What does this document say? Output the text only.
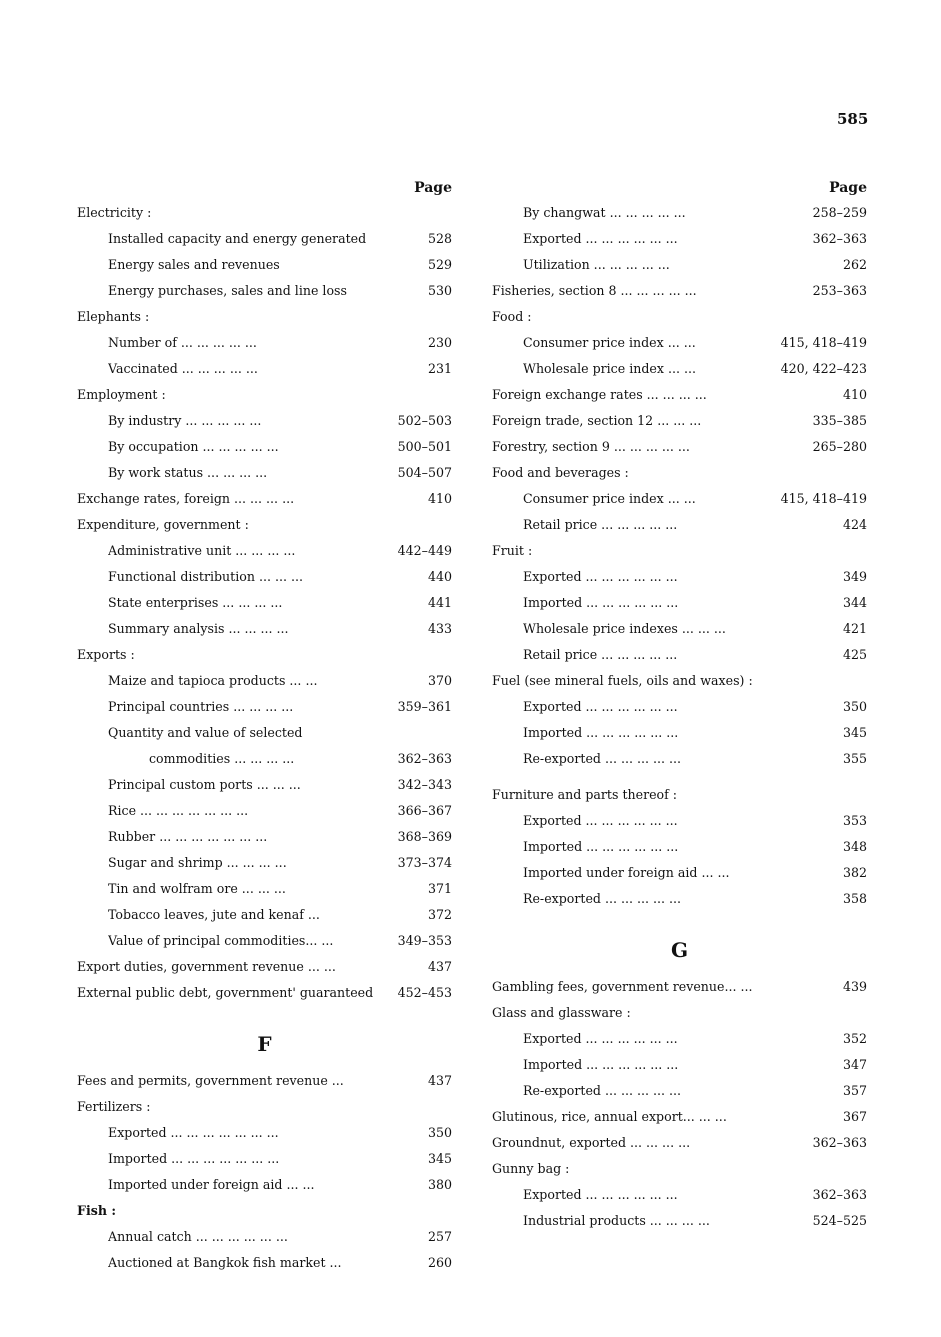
585
Page
Electricity :
Installed capacity and energy generated	528
Energy sales and revenues	529
Energy purchases, sales and line loss	530
Elephants :
Number of ... ... ... ... ...	230
Vaccinated ... ... ... ... ...	231
Employment :
By industry ... ... ... ... ...	502–503
By occupation ... ... ... ... ...	500–501
By work status ... ... ... ...	504–507
Exchange rates, foreign ... ... ... ...	410
Expenditure, government :
Administrative unit ... ... ... ...	442–449
Functional distribution ... ... ...	440
State enterprises ... ... ... ...	441
Summary analysis ... ... ... ...	433
Exports :
Maize and tapioca products ... ...	370
Principal countries ... ... ... ...	359–361
Quantity and value of selected
commodities ... ... ... ...	362–363
Principal custom ports ... ... ...	342–343
Rice ... ... ... ... ... ... ...	366–367
Rubber ... ... ... ... ... ... ...	368–369
Sugar and shrimp ... ... ... ...	373–374
Tin and wolfram ore ... ... ...	371
Tobacco leaves, jute and kenaf ...	372
Value of principal commodities... ...	349–353
Export duties, government revenue ... ...	437
External public debt, government' guaranteed	452–453
F
Fees and permits, government revenue ...	437
Fertilizers :
Exported ... ... ... ... ... ... ...	350
Imported ... ... ... ... ... ... ...	345
Imported under foreign aid ... ...	380
Fish :
Annual catch ... ... ... ... ... ...	257
Auctioned at Bangkok fish market ...	260
Page
By changwat ... ... ... ... ...	258–259
Exported ... ... ... ... ... ...	362–363
Utilization ... ... ... ... ...	262
Fisheries, section 8 ... ... ... ... ...	253–363
Food :
Consumer price index ... ...	415, 418–419
Wholesale price index ... ...	420, 422–423
Foreign exchange rates ... ... ... ...	410
Foreign trade, section 12 ... ... ...	335–385
Forestry, section 9 ... ... ... ... ...	265–280
Food and beverages :
Consumer price index ... ...	415, 418–419
Retail price ... ... ... ... ...	424
Fruit :
Exported ... ... ... ... ... ...	349
Imported ... ... ... ... ... ...	344
Wholesale price indexes ... ... ...	421
Retail price ... ... ... ... ...	425
Fuel (see mineral fuels, oils and waxes) :
Exported ... ... ... ... ... ...	350
Imported ... ... ... ... ... ...	345
Re-exported ... ... ... ... ...	355
Furniture and parts thereof :
Exported ... ... ... ... ... ...	353
Imported ... ... ... ... ... ...	348
Imported under foreign aid ... ...	382
Re-exported ... ... ... ... ...	358
G
Gambling fees, government revenue... ...	439
Glass and glassware :
Exported ... ... ... ... ... ...	352
Imported ... ... ... ... ... ...	347
Re-exported ... ... ... ... ...	357
Glutinous, rice, annual export... ... ...	367
Groundnut, exported ... ... ... ...	362–363
Gunny bag :
Exported ... ... ... ... ... ...	362–363
Industrial products ... ... ... ...	524–525
